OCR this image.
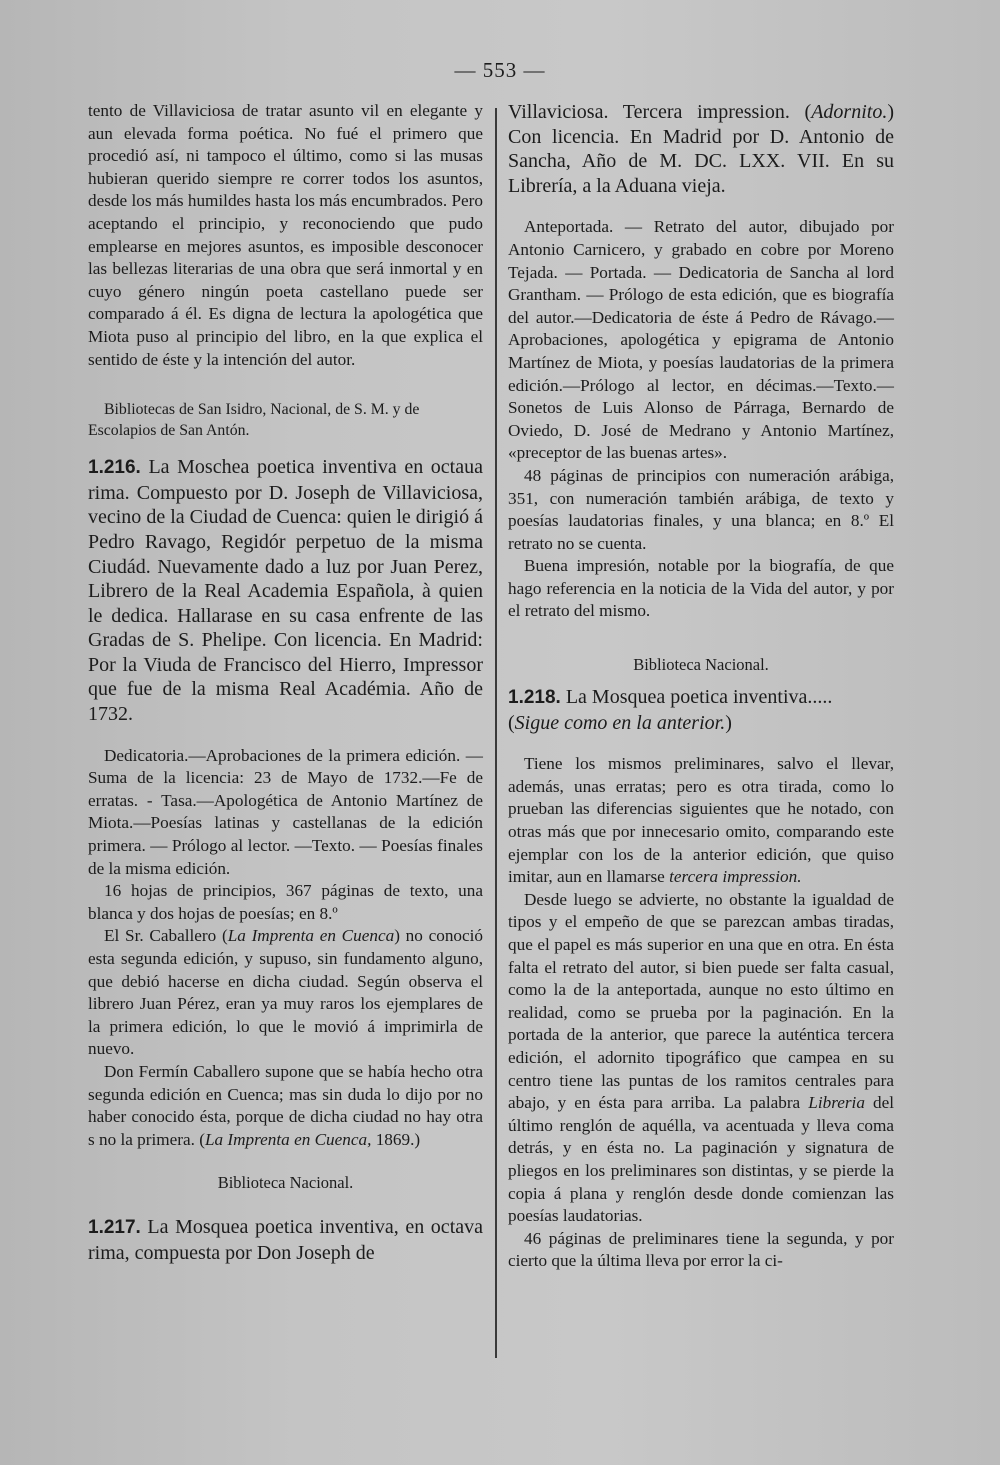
— 553 —

tento de Villaviciosa de tratar asunto vil en elegante y aun elevada forma poética. No fué el primero que procedió así, ni tampoco el último, como si las musas hubieran querido siempre re correr todos los asuntos, desde los más humildes hasta los más encumbrados. Pero aceptando el principio, y reconociendo que pudo emplearse en mejores asuntos, es imposible desconocer las bellezas literarias de una obra que será inmortal y en cuyo género ningún poeta castellano puede ser comparado á él. Es digna de lectura la apologética que Miota puso al principio del libro, en la que explica el sentido de éste y la intención del autor.

Bibliotecas de San Isidro, Nacional, de S. M. y de Escolapios de San Antón.

1.216. La Moschea poetica inventiva en octaua rima. Compuesto por D. Joseph de Villaviciosa, vecino de la Ciudad de Cuenca: quien le dirigió á Pedro Ravago, Regidór perpetuo de la misma Ciudád. Nuevamente dado a luz por Juan Perez, Librero de la Real Academia Española, à quien le dedica. Hallarase en su casa enfrente de las Gradas de S. Phelipe. Con licencia. En Madrid: Por la Viuda de Francisco del Hierro, Impressor que fue de la misma Real Académia. Año de 1732.

Dedicatoria.—Aprobaciones de la primera edición. —Suma de la licencia: 23 de Mayo de 1732.—Fe de erratas. - Tasa.—Apologética de Antonio Martínez de Miota.—Poesías latinas y castellanas de la edición primera. — Prólogo al lector. —Texto. — Poesías finales de la misma edición.

16 hojas de principios, 367 páginas de texto, una blanca y dos hojas de poesías; en 8.º

El Sr. Caballero (La Imprenta en Cuenca) no conoció esta segunda edición, y supuso, sin fundamento alguno, que debió hacerse en dicha ciudad. Según observa el librero Juan Pérez, eran ya muy raros los ejemplares de la primera edición, lo que le movió á imprimirla de nuevo.

Don Fermín Caballero supone que se había hecho otra segunda edición en Cuenca; mas sin duda lo dijo por no haber conocido ésta, porque de dicha ciudad no hay otra s no la primera. (La Imprenta en Cuenca, 1869.)

Biblioteca Nacional.

1.217. La Mosquea poetica inventiva, en octava rima, compuesta por Don Joseph de

Villaviciosa. Tercera impression. (Adornito.) Con licencia. En Madrid por D. Antonio de Sancha, Año de M. DC. LXX. VII. En su Librería, a la Aduana vieja.

Anteportada. — Retrato del autor, dibujado por Antonio Carnicero, y grabado en cobre por Moreno Tejada. — Portada. — Dedicatoria de Sancha al lord Grantham. — Prólogo de esta edición, que es biografía del autor.—Dedicatoria de éste á Pedro de Rávago.—Aprobaciones, apologética y epigrama de Antonio Martínez de Miota, y poesías laudatorias de la primera edición.—Prólogo al lector, en décimas.—Texto.— Sonetos de Luis Alonso de Párraga, Bernardo de Oviedo, D. José de Medrano y Antonio Martínez, «preceptor de las buenas artes».

48 páginas de principios con numeración arábiga, 351, con numeración también arábiga, de texto y poesías laudatorias finales, y una blanca; en 8.º El retrato no se cuenta.

Buena impresión, notable por la biografía, de que hago referencia en la noticia de la Vida del autor, y por el retrato del mismo.

Biblioteca Nacional.

1.218. La Mosquea poetica inventiva.....
(Sigue como en la anterior.)

Tiene los mismos preliminares, salvo el llevar, además, unas erratas; pero es otra tirada, como lo prueban las diferencias siguientes que he notado, con otras más que por innecesario omito, comparando este ejemplar con los de la anterior edición, que quiso imitar, aun en llamarse tercera impression.

Desde luego se advierte, no obstante la igualdad de tipos y el empeño de que se parezcan ambas tiradas, que el papel es más superior en una que en otra. En ésta falta el retrato del autor, si bien puede ser falta casual, como la de la anteportada, aunque no esto último en realidad, como se prueba por la paginación. En la portada de la anterior, que parece la auténtica tercera edición, el adornito tipográfico que campea en su centro tiene las puntas de los ramitos centrales para abajo, y en ésta para arriba. La palabra Libreria del último renglón de aquélla, va acentuada y lleva coma detrás, y en ésta no. La paginación y signatura de pliegos en los preliminares son distintas, y se pierde la copia á plana y renglón desde donde comienzan las poesías laudatorias.

46 páginas de preliminares tiene la segunda, y por cierto que la última lleva por error la ci-
